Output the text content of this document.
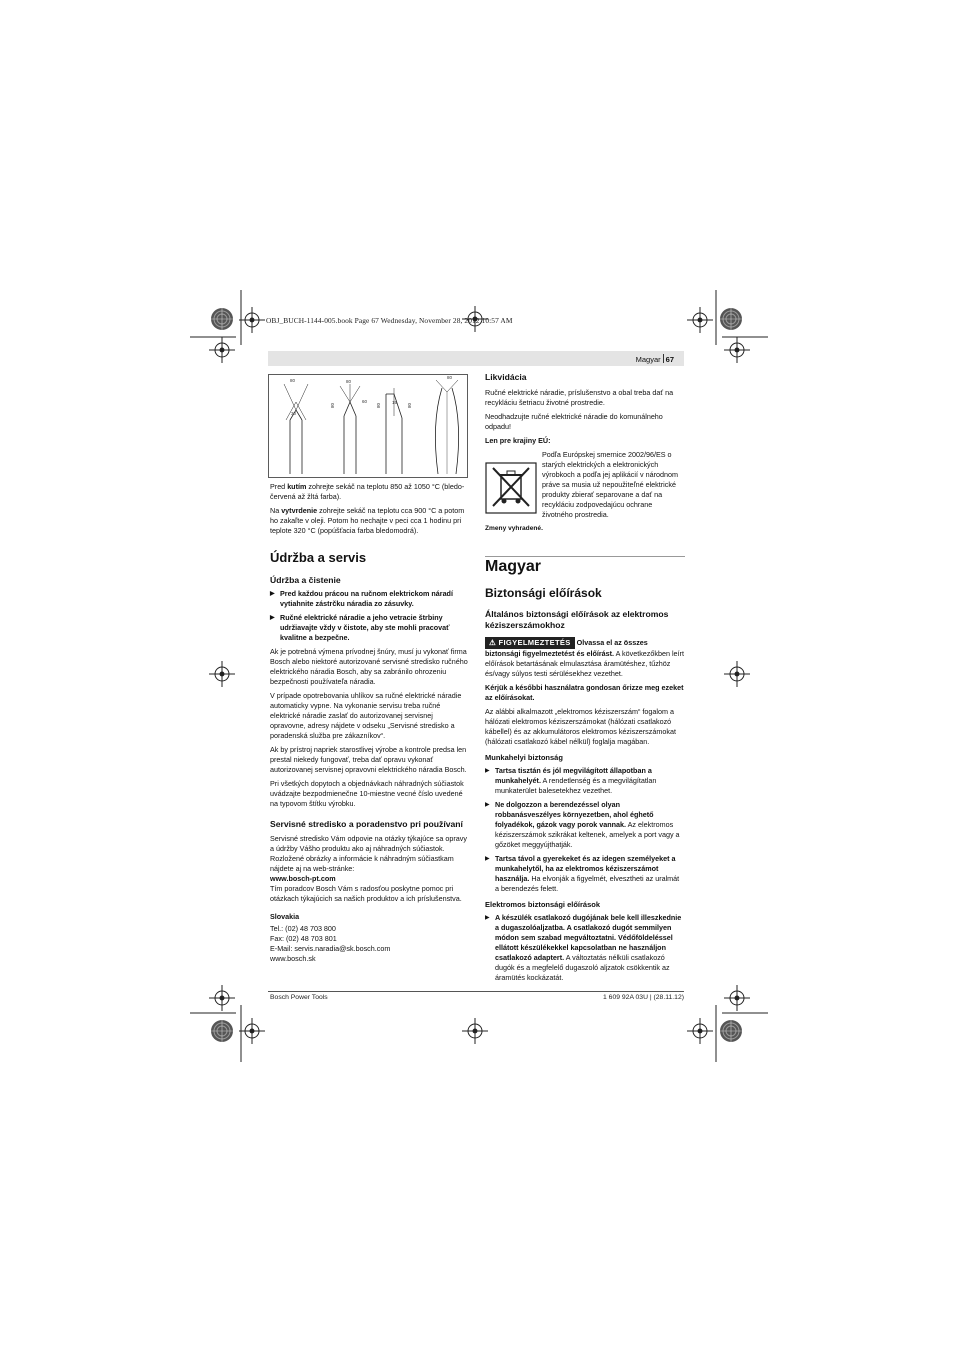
OBJ_BUCH-1144-005.book Page 67 Wednesday, November 28, 2012 10:57 AM
Magyar 67
80
30
80
80
60
80
15
80
80

Pred kutím zohrejte sekáč na teplotu 850 až 1050 °C (bledo-červená až žltá farba).

Na vytvrdenie zohrejte sekáč na teplotu cca 900 °C a potom ho zakaľte v oleji. Potom ho nechajte v peci cca 1 hodinu pri teplote 320 °C (popúšťacia farba bledomodrá).

Údržba a servis
Údržba a čistenie
▶ Pred každou prácou na ručnom elektrickom náradí vytiahnite zástrčku náradia zo zásuvky.
▶ Ručné elektrické náradie a jeho vetracie štrbiny udržiavajte vždy v čistote, aby ste mohli pracovať kvalitne a bezpečne.

Ak je potrebná výmena prívodnej šnúry, musí ju vykonať firma Bosch alebo niektoré autorizované servisné stredisko ručného elektrického náradia Bosch, aby sa zabránilo ohrozeniu bezpečnosti používateľa náradia.

V prípade opotrebovania uhlíkov sa ručné elektrické náradie automaticky vypne. Na vykonanie servisu treba ručné elektrické náradie zaslať do autorizovanej servisnej opravovne, adresy nájdete v odseku „Servisné stredisko a poradenská služba pre zákazníkov“.

Ak by prístroj napriek starostlivej výrobe a kontrole predsa len prestal niekedy fungovať, treba dať opravu vykonať autorizovanej servisnej opravovni elektrického náradia Bosch.

Pri všetkých dopytoch a objednávkach náhradných súčiastok uvádzajte bezpodmienečne 10-miestne vecné číslo uvedené na typovom štítku výrobku.

Servisné stredisko a poradenstvo pri používaní

Servisné stredisko Vám odpovie na otázky týkajúce sa opravy a údržby Vášho produktu ako aj náhradných súčiastok. Rozložené obrázky a informácie k náhradným súčiastkam nájdete aj na web-stránke:

www.bosch-pt.com

Tím poradcov Bosch Vám s radosťou poskytne pomoc pri otázkach týkajúcich sa našich produktov a ich príslušenstva.

Slovakia

Tel.: (02) 48 703 800
Fax: (02) 48 703 801
E-Mail: servis.naradia@sk.bosch.com
www.bosch.sk
Likvidácia

Ručné elektrické náradie, príslušenstvo a obal treba dať na recykláciu šetriacu životné prostredie.

Neodhadzujte ručné elektrické náradie do komunálneho odpadu!

Len pre krajiny EÚ:

Podľa Európskej smernice 2002/96/ES o starých elektrických a elektronických výrobkoch a podľa jej aplikácií v národnom práve sa musia už nepoužiteľné elektrické produkty zbierať separovane a dať na recykláciu zodpovedajúcu ochrane životného prostredia.

Zmeny vyhradené.

Magyar
Biztonsági előírások
Általános biztonsági előírások az elektromos kéziszerszámokhoz

⚠ FIGYELMEZTETÉS Olvassa el az összes biztonsági figyelmeztetést és előírást. A következőkben leírt előírások betartásának elmulasztása áramütéshez, tűzhöz és/vagy súlyos testi sérülésekhez vezethet.

Kérjük a későbbi használatra gondosan őrizze meg ezeket az előírásokat.

Az alábbi alkalmazott „elektromos kéziszerszám“ fogalom a hálózati elektromos kéziszerszámokat (hálózati csatlakozó kábellel) és az akkumulátoros elektromos kéziszerszámokat (hálózati csatlakozó kábel nélkül) foglalja magában.

Munkahelyi biztonság

▶ Tartsa tisztán és jól megvilágított állapotban a munkahelyét. A rendetlenség és a megvilágítatlan munkaterület balesetekhez vezethet.
▶ Ne dolgozzon a berendezéssel olyan robbanásveszélyes környezetben, ahol éghető folyadékok, gázok vagy porok vannak. Az elektromos kéziszerszámok szikrákat keltenek, amelyek a port vagy a gőzöket meggyújthatják.
▶ Tartsa távol a gyerekeket és az idegen személyeket a munkahelytől, ha az elektromos kéziszerszámot használja. Ha elvonják a figyelmét, elvesztheti az uralmát a berendezés felett.

Elektromos biztonsági előírások

▶ A készülék csatlakozó dugójának bele kell illeszkednie a dugaszolóaljzatba. A csatlakozó dugót semmilyen módon sem szabad megváltoztatni. Védőföldeléssel ellátott készülékekkel kapcsolatban ne használjon csatlakozó adaptert. A változtatás nélküli csatlakozó dugók és a megfelelő dugaszoló aljzatok csökkentik az áramütés kockázatát.
Bosch Power Tools	1 609 92A 03U | (28.11.12)
